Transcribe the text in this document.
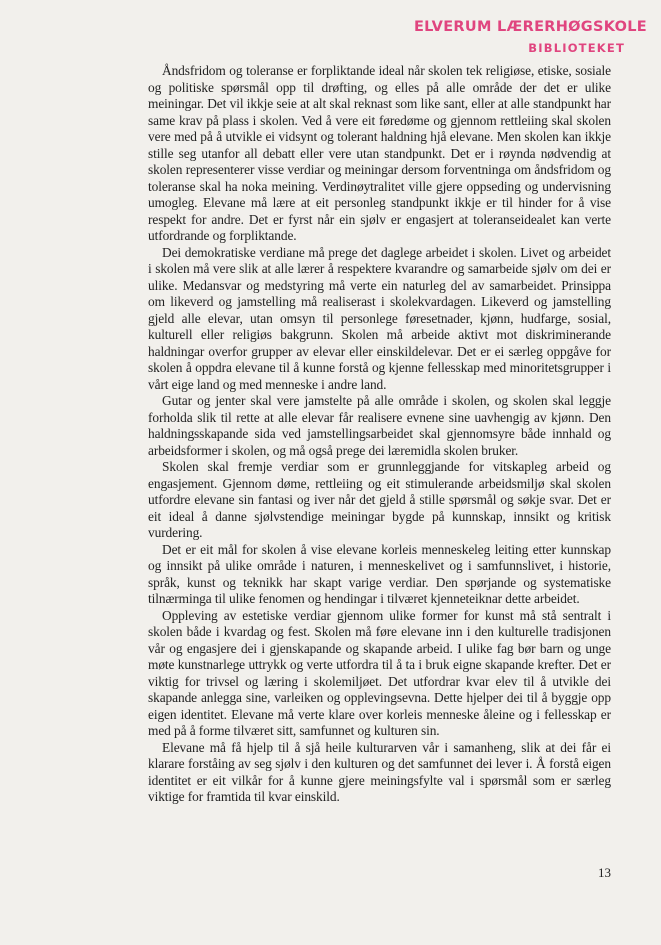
ELVERUM LÆRERHØGSKOLE
BIBLIOTEKET

Åndsfridom og toleranse er forpliktande ideal når skolen tek religiøse, etiske, sosiale og politiske spørsmål opp til drøfting, og elles på alle område der det er ulike meiningar. Det vil ikkje seie at alt skal reknast som like sant, eller at alle standpunkt har same krav på plass i skolen. Ved å vere eit føredøme og gjennom rettleiing skal skolen vere med på å utvikle ei vidsynt og tolerant haldning hjå elevane. Men skolen kan ikkje stille seg utanfor all debatt eller vere utan standpunkt. Det er i røynda nødvendig at skolen representerer visse verdiar og meiningar dersom forventninga om åndsfridom og toleranse skal ha noka meining. Verdinøytralitet ville gjere oppseding og undervisning umogleg. Elevane må lære at eit personleg standpunkt ikkje er til hinder for å vise respekt for andre. Det er fyrst når ein sjølv er engasjert at toleranseidealet kan verte utfordrande og forpliktande.

Dei demokratiske verdiane må prege det daglege arbeidet i skolen. Livet og arbeidet i skolen må vere slik at alle lærer å respektere kvarandre og samarbeide sjølv om dei er ulike. Medansvar og medstyring må verte ein naturleg del av samarbeidet. Prinsippa om likeverd og jamstelling må realiserast i skolekvardagen. Likeverd og jamstelling gjeld alle elevar, utan omsyn til personlege føresetnader, kjønn, hudfarge, sosial, kulturell eller religiøs bakgrunn. Skolen må arbeide aktivt mot diskriminerande haldningar overfor grupper av elevar eller einskildelevar. Det er ei særleg oppgåve for skolen å oppdra elevane til å kunne forstå og kjenne fellesskap med minoritetsgrupper i vårt eige land og med menneske i andre land.

Gutar og jenter skal vere jamstelte på alle område i skolen, og skolen skal leggje forholda slik til rette at alle elevar får realisere evnene sine uavhengig av kjønn. Den haldningsskapande sida ved jamstellingsarbeidet skal gjennomsyre både innhald og arbeidsformer i skolen, og må også prege dei læremidla skolen bruker.

Skolen skal fremje verdiar som er grunnleggjande for vitskapleg arbeid og engasjement. Gjennom døme, rettleiing og eit stimulerande arbeidsmiljø skal skolen utfordre elevane sin fantasi og iver når det gjeld å stille spørsmål og søkje svar. Det er eit ideal å danne sjølvstendige meiningar bygde på kunnskap, innsikt og kritisk vurdering.

Det er eit mål for skolen å vise elevane korleis menneskeleg leiting etter kunnskap og innsikt på ulike område i naturen, i menneskelivet og i samfunnslivet, i historie, språk, kunst og teknikk har skapt varige verdiar. Den spørjande og systematiske tilnærminga til ulike fenomen og hendingar i tilværet kjenneteiknar dette arbeidet.

Oppleving av estetiske verdiar gjennom ulike former for kunst må stå sentralt i skolen både i kvardag og fest. Skolen må føre elevane inn i den kulturelle tradisjonen vår og engasjere dei i gjenskapande og skapande arbeid. I ulike fag bør barn og unge møte kunstnarlege uttrykk og verte utfordra til å ta i bruk eigne skapande krefter. Det er viktig for trivsel og læring i skolemiljøet. Det utfordrar kvar elev til å utvikle dei skapande anlegga sine, varleiken og opplevingsevna. Dette hjelper dei til å byggje opp eigen identitet. Elevane må verte klare over korleis menneske åleine og i fellesskap er med på å forme tilværet sitt, samfunnet og kulturen sin.

Elevane må få hjelp til å sjå heile kulturarven vår i samanheng, slik at dei får ei klarare forståing av seg sjølv i den kulturen og det samfunnet dei lever i. Å forstå eigen identitet er eit vilkår for å kunne gjere meiningsfylte val i spørsmål som er særleg viktige for framtida til kvar einskild.

13
